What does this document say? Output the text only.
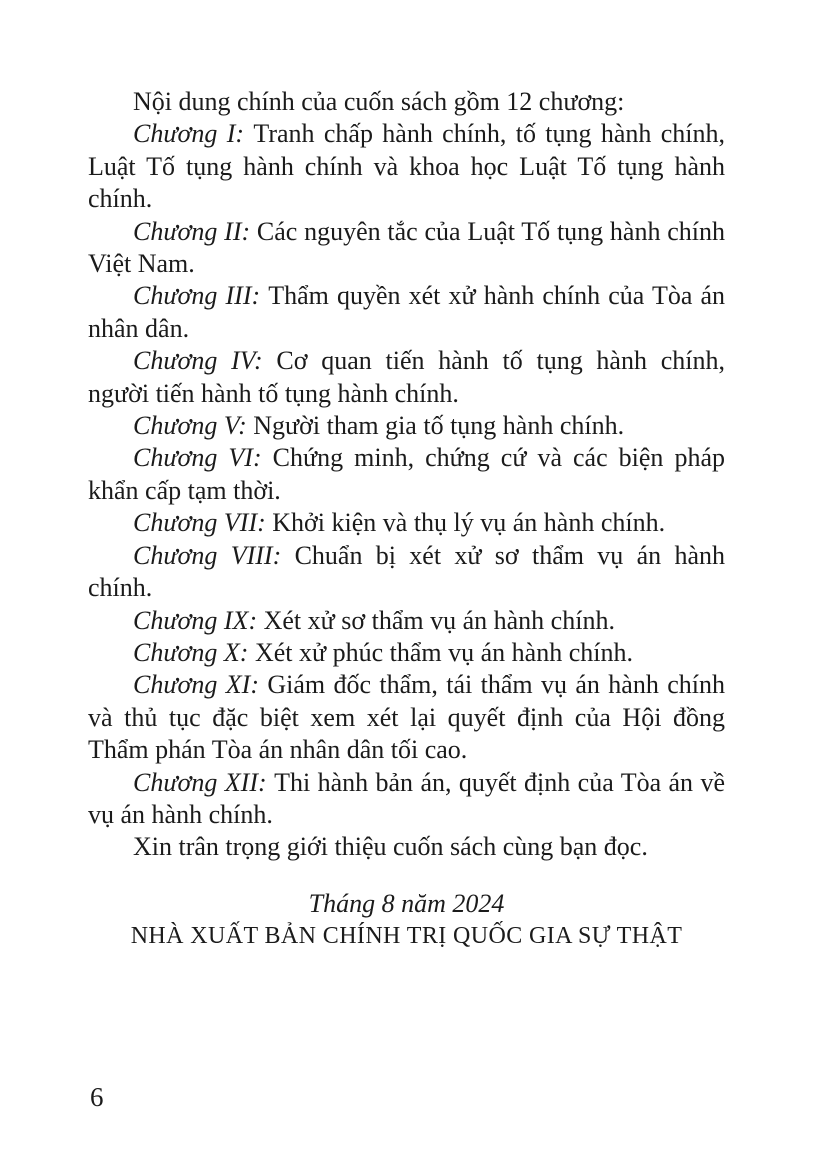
Nội dung chính của cuốn sách gồm 12 chương:

Chương I: Tranh chấp hành chính, tố tụng hành chính, Luật Tố tụng hành chính và khoa học Luật Tố tụng hành chính.

Chương II: Các nguyên tắc của Luật Tố tụng hành chính Việt Nam.

Chương III: Thẩm quyền xét xử hành chính của Tòa án nhân dân.

Chương IV: Cơ quan tiến hành tố tụng hành chính, người tiến hành tố tụng hành chính.

Chương V: Người tham gia tố tụng hành chính.

Chương VI: Chứng minh, chứng cứ và các biện pháp khẩn cấp tạm thời.

Chương VII: Khởi kiện và thụ lý vụ án hành chính.

Chương VIII: Chuẩn bị xét xử sơ thẩm vụ án hành chính.

Chương IX: Xét xử sơ thẩm vụ án hành chính.

Chương X: Xét xử phúc thẩm vụ án hành chính.

Chương XI: Giám đốc thẩm, tái thẩm vụ án hành chính và thủ tục đặc biệt xem xét lại quyết định của Hội đồng Thẩm phán Tòa án nhân dân tối cao.

Chương XII: Thi hành bản án, quyết định của Tòa án về vụ án hành chính.

Xin trân trọng giới thiệu cuốn sách cùng bạn đọc.

Tháng 8 năm 2024
NHÀ XUẤT BẢN CHÍNH TRỊ QUỐC GIA SỰ THẬT
6
